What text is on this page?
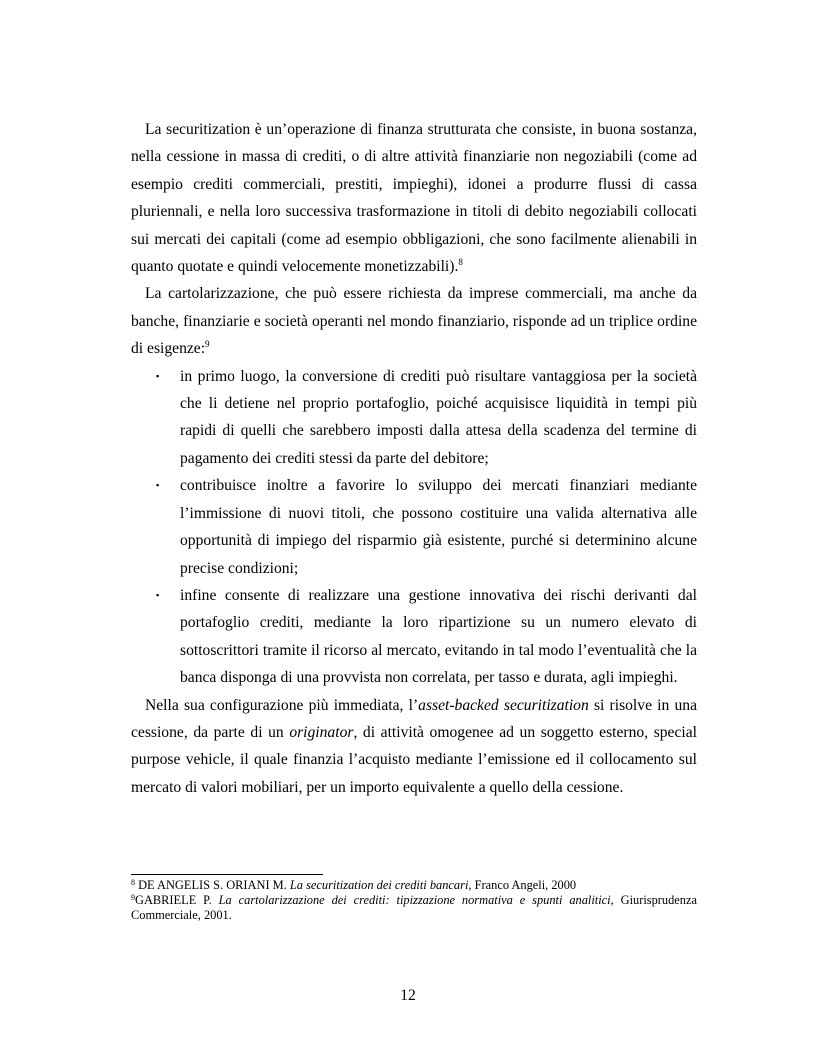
La securitization è un’operazione di finanza strutturata che consiste, in buona sostanza, nella cessione in massa di crediti, o di altre attività finanziarie non negoziabili (come ad esempio crediti commerciali, prestiti, impieghi), idonei a produrre flussi di cassa pluriennali, e nella loro successiva trasformazione in titoli di debito negoziabili collocati sui mercati dei capitali (come ad esempio obbligazioni, che sono facilmente alienabili in quanto quotate e quindi velocemente monetizzabili).$^8$

La cartolarizzazione, che può essere richiesta da imprese commerciali, ma anche da banche, finanziarie e società operanti nel mondo finanziario, risponde ad un triplice ordine di esigenze:$^9$

▪ in primo luogo, la conversione di crediti può risultare vantaggiosa per la società che li detiene nel proprio portafoglio, poiché acquisisce liquidità in tempi più rapidi di quelli che sarebbero imposti dalla attesa della scadenza del termine di pagamento dei crediti stessi da parte del debitore;
▪ contribuisce inoltre a favorire lo sviluppo dei mercati finanziari mediante l’immissione di nuovi titoli, che possono costituire una valida alternativa alle opportunità di impiego del risparmio già esistente, purché si determinino alcune precise condizioni;
▪ infine consente di realizzare una gestione innovativa dei rischi derivanti dal portafoglio crediti, mediante la loro ripartizione su un numero elevato di sottoscrittori tramite il ricorso al mercato, evitando in tal modo l’eventualità che la banca disponga di una provvista non correlata, per tasso e durata, agli impieghi.

Nella sua configurazione più immediata, l’asset-backed securitization si risolve in una cessione, da parte di un originator, di attività omogenee ad un soggetto esterno, special purpose vehicle, il quale finanzia l’acquisto mediante l’emissione ed il collocamento sul mercato di valori mobiliari, per un importo equivalente a quello della cessione.

$^8$ DE ANGELIS S. ORIANI M. La securitization dei crediti bancari, Franco Angeli, 2000

$^9$GABRIELE P. La cartolarizzazione dei crediti: tipizzazione normativa e spunti analitici, Giurisprudenza Commerciale, 2001.

12
